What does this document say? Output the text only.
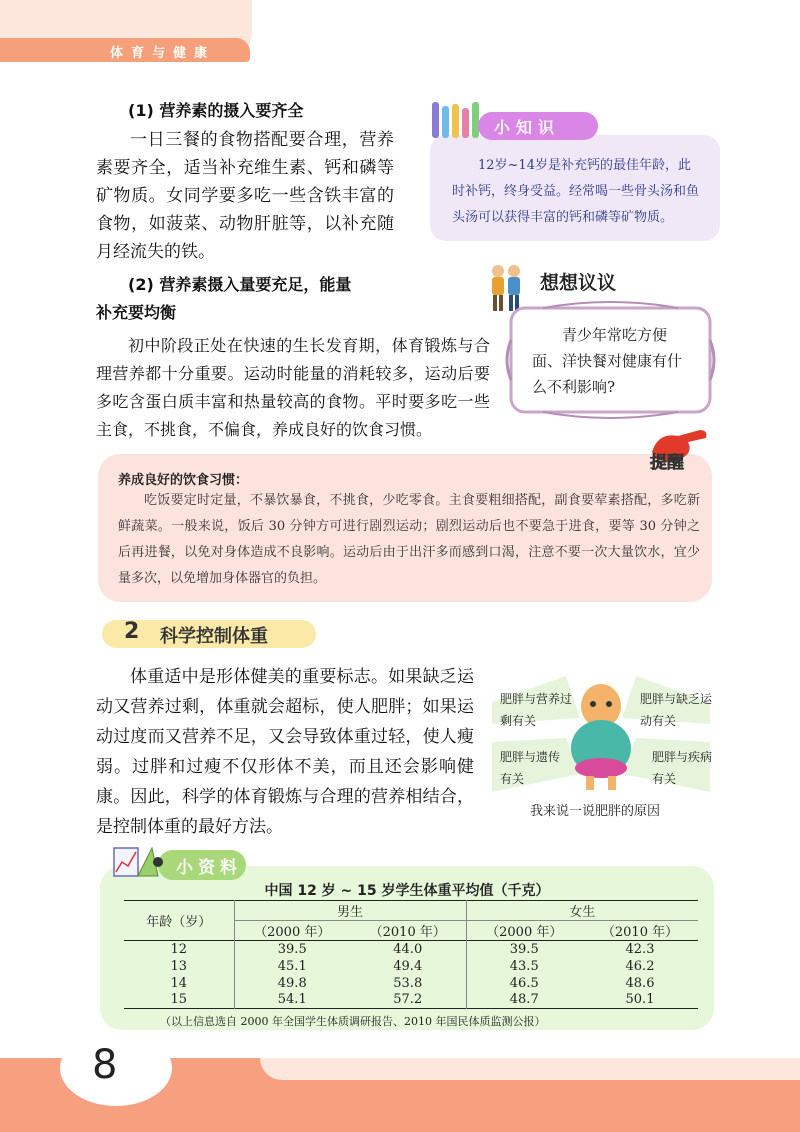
体育与健康
(1) 营养素的摄入要齐全
一日三餐的食物搭配要合理，营养素要齐全，适当补充维生素、钙和磷等矿物质。女同学要多吃一些含铁丰富的食物，如菠菜、动物肝脏等，以补充随月经流失的铁。
(2) 营养素摄入量要充足，能量
补充要均衡
初中阶段正处在快速的生长发育期，体育锻炼与合理营养都十分重要。运动时能量的消耗较多，运动后要多吃含蛋白质丰富和热量较高的食物。平时要多吃一些主食，不挑食，不偏食，养成良好的饮食习惯。
小知识
12岁~14岁是补充钙的最佳年龄，此时补钙，终身受益。经常喝一些骨头汤和鱼头汤可以获得丰富的钙和磷等矿物质。
想想议议
青少年常吃方便面、洋快餐对健康有什么不利影响?
提醒
养成良好的饮食习惯：
吃饭要定时定量，不暴饮暴食，不挑食，少吃零食。主食要粗细搭配，副食要荤素搭配，多吃新鲜蔬菜。一般来说，饭后 30 分钟方可进行剧烈运动；剧烈运动后也不要急于进食，要等 30 分钟之后再进餐，以免对身体造成不良影响。运动后由于出汗多而感到口渴，注意不要一次大量饮水，宜少量多次，以免增加身体器官的负担。
2 科学控制体重
体重适中是形体健美的重要标志。如果缺乏运动又营养过剩，体重就会超标，使人肥胖；如果运动过度而又营养不足，又会导致体重过轻，使人瘦弱。过胖和过瘦不仅形体不美，而且还会影响健康。因此，科学的体育锻炼与合理的营养相结合，是控制体重的最好方法。
肥胖与营养过剩有关
肥胖与缺乏运动有关
肥胖与遗传有关
肥胖与疾病有关
我来说一说肥胖的原因
小资料
中国 12 岁 ~ 15 岁学生体重平均值（千克）
年龄（岁）	男生		女生	
	（2000 年）	（2010 年）	（2000 年）	（2010 年）
12	39.5	44.0	39.5	42.3
13	45.1	49.4	43.5	46.2
14	49.8	53.8	46.5	48.6
15	54.1	57.2	48.7	50.1
（以上信息选自 2000 年全国学生体质调研报告、2010 年国民体质监测公报）
8
